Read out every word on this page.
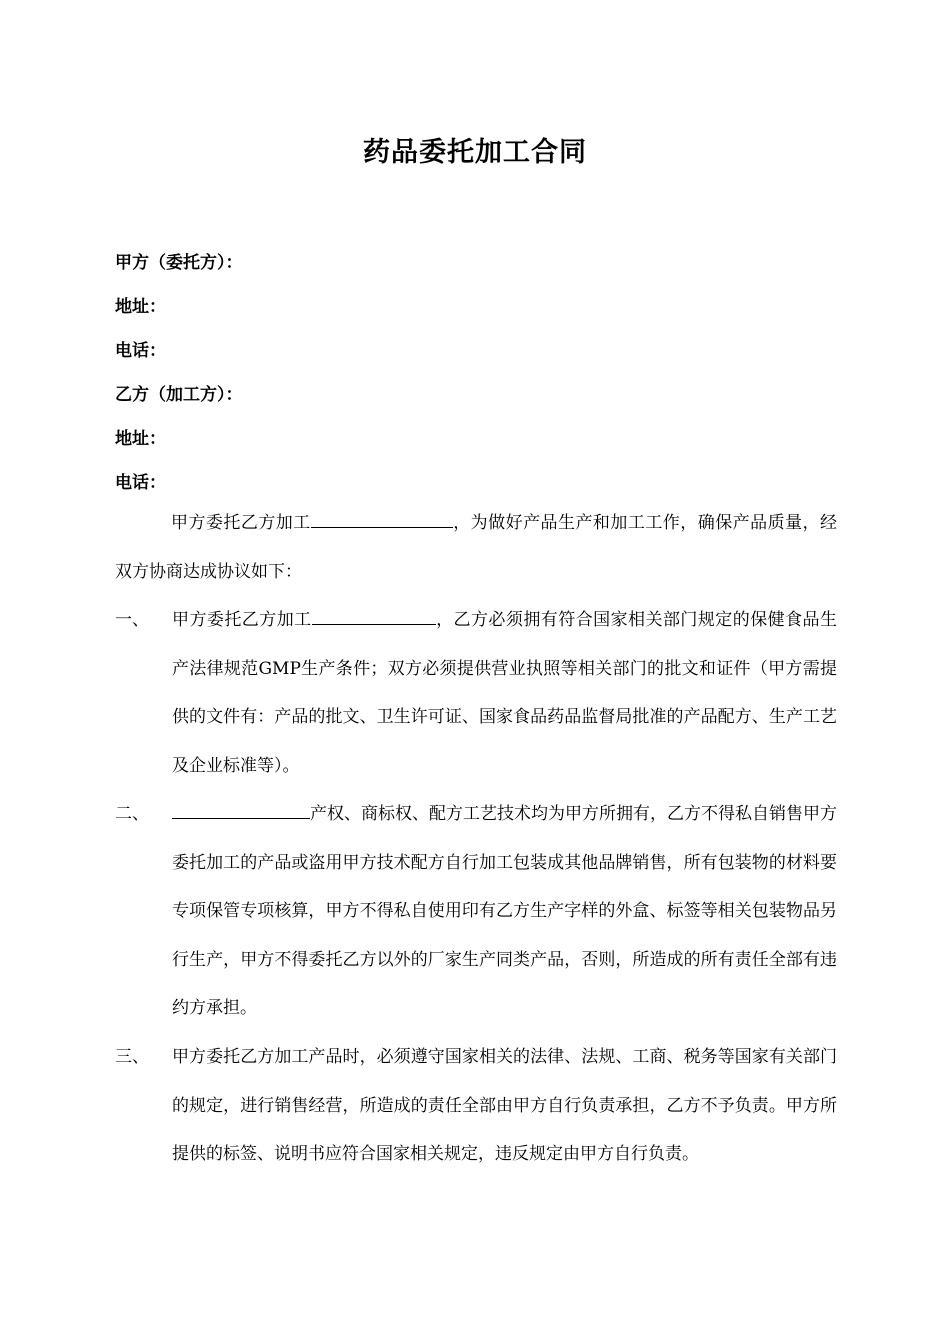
药品委托加工合同
甲方（委托方）：
地址：
电话：
乙方（加工方）：
地址：
电话：
甲方委托乙方加工	，为做好产品生产和加工工作，确保产品质量，经双方协商达成协议如下：
一、	甲方委托乙方加工	，乙方必须拥有符合国家相关部门规定的保健食品生产法律规范GMP生产条件；双方必须提供营业执照等相关部门的批文和证件（甲方需提供的文件有：产品的批文、卫生许可证、国家食品药品监督局批准的产品配方、生产工艺及企业标准等）。
二、	产权、商标权、配方工艺技术均为甲方所拥有，乙方不得私自销售甲方委托加工的产品或盗用甲方技术配方自行加工包装成其他品牌销售，所有包装物的材料要专项保管专项核算，甲方不得私自使用印有乙方生产字样的外盒、标签等相关包装物品另行生产，甲方不得委托乙方以外的厂家生产同类产品，否则，所造成的所有责任全部有违约方承担。
三、	甲方委托乙方加工产品时，必须遵守国家相关的法律、法规、工商、税务等国家有关部门的规定，进行销售经营，所造成的责任全部由甲方自行负责承担，乙方不予负责。甲方所提供的标签、说明书应符合国家相关规定，违反规定由甲方自行负责。
